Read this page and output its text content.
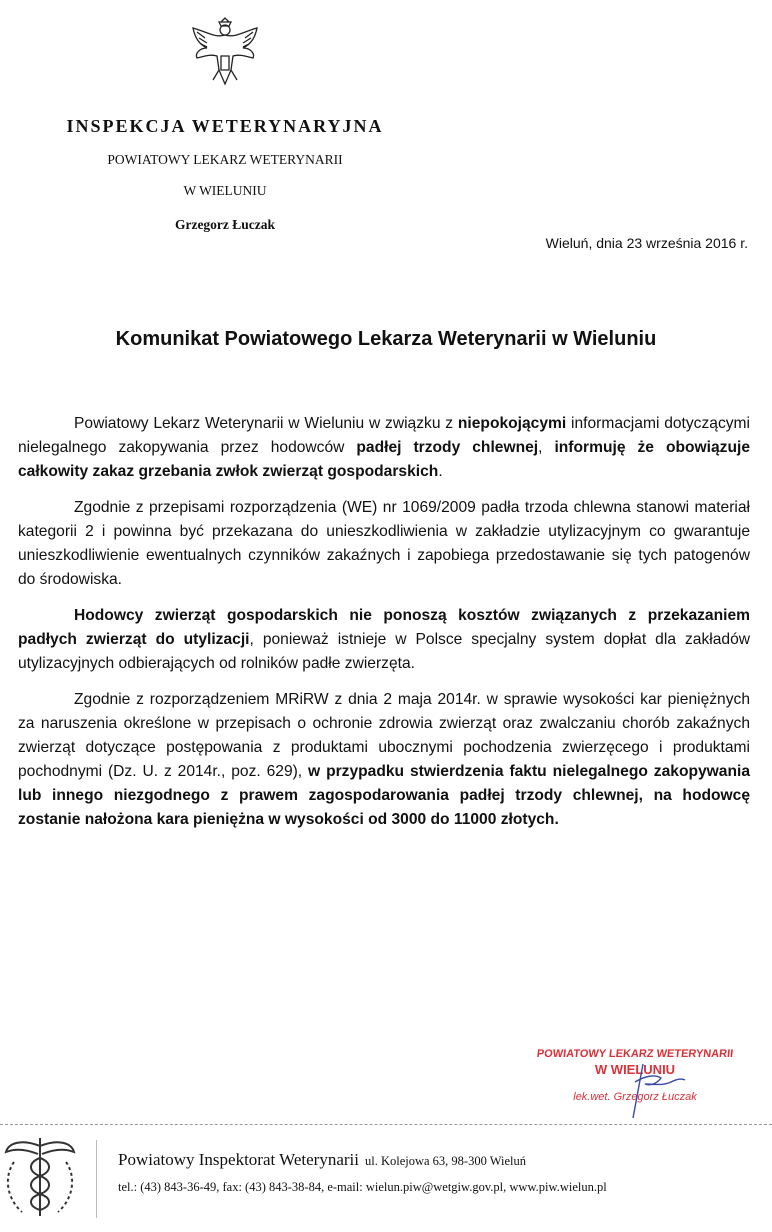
INSPEKCJA WETERYNARYJNA
POWIATOWY LEKARZ WETERYNARII
W WIELUNIU
Grzegorz Łuczak
Wieluń, dnia 23 września 2016 r.
Komunikat Powiatowego Lekarza Weterynarii w Wieluniu

Powiatowy Lekarz Weterynarii w Wieluniu w związku z niepokojącymi informacjami dotyczącymi nielegalnego zakopywania przez hodowców padłej trzody chlewnej, informuję że obowiązuje całkowity zakaz grzebania zwłok zwierząt gospodarskich.

Zgodnie z przepisami rozporządzenia (WE) nr 1069/2009 padła trzoda chlewna stanowi materiał kategorii 2 i powinna być przekazana do unieszkodliwienia w zakładzie utylizacyjnym co gwarantuje unieszkodliwienie ewentualnych czynników zakaźnych i zapobiega przedostawanie się tych patogenów do środowiska.

Hodowcy zwierząt gospodarskich nie ponoszą kosztów związanych z przekazaniem padłych zwierząt do utylizacji, ponieważ istnieje w Polsce specjalny system dopłat dla zakładów utylizacyjnych odbierających od rolników padłe zwierzęta.

Zgodnie z rozporządzeniem MRiRW z dnia 2 maja 2014r. w sprawie wysokości kar pieniężnych za naruszenia określone w przepisach o ochronie zdrowia zwierząt oraz zwalczaniu chorób zakaźnych zwierząt dotyczące postępowania z produktami ubocznymi pochodzenia zwierzęcego i produktami pochodnymi (Dz. U. z 2014r., poz. 629), w przypadku stwierdzenia faktu nielegalnego zakopywania lub innego niezgodnego z prawem zagospodarowania padłej trzody chlewnej, na hodowcę zostanie nałożona kara pieniężna w wysokości od 3000 do 11000 złotych.

POWIATOWY LEKARZ WETERYNARII
W WIELUNIU
lek.wet. Grzegorz Łuczak
Powiatowy Inspektorat Weterynarii ul. Kolejowa 63, 98-300 Wieluń
tel.: (43) 843-36-49, fax: (43) 843-38-84, e-mail: wielun.piw@wetgiw.gov.pl, www.piw.wielun.pl
